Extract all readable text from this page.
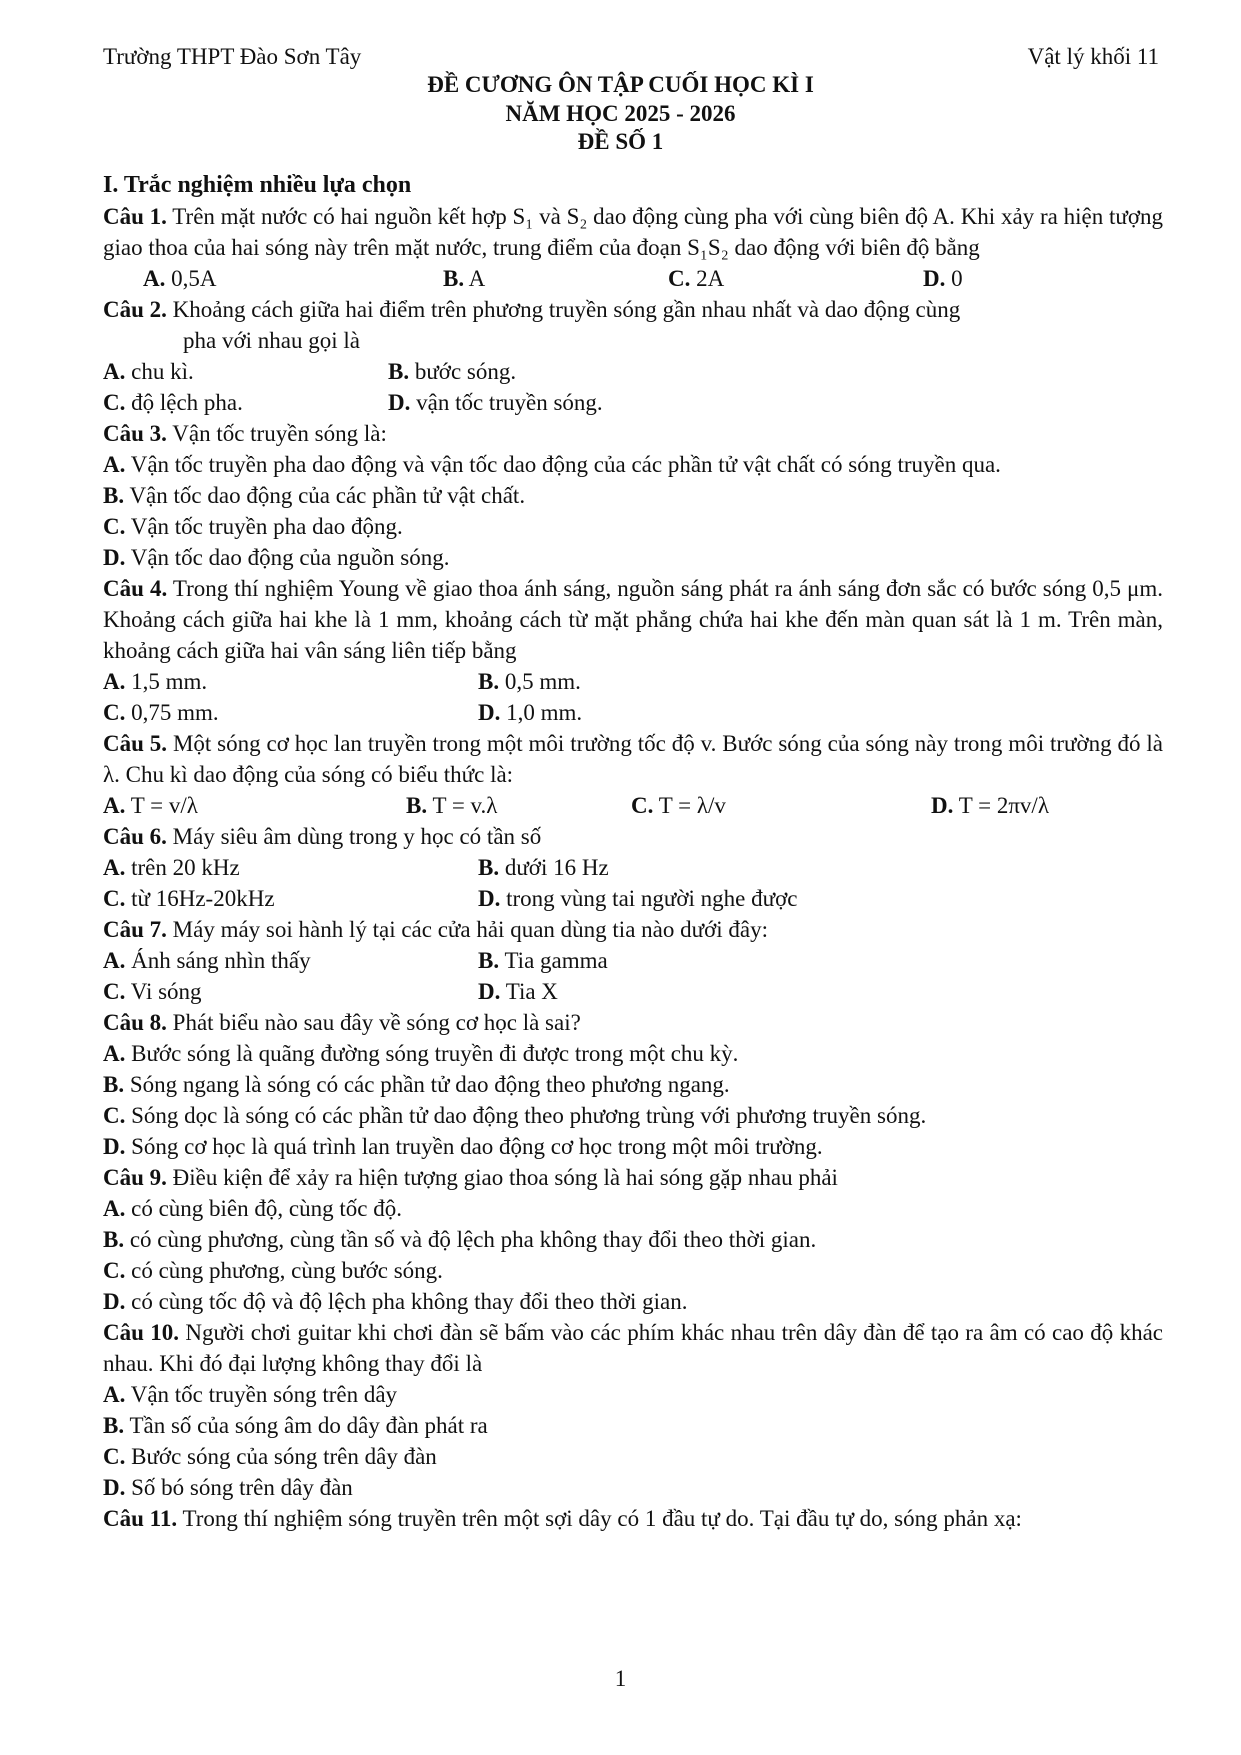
Trường THPT Đào Sơn Tây	Vật lý khối 11
ĐỀ CƯƠNG ÔN TẬP CUỐI HỌC KÌ I
NĂM HỌC 2025 - 2026
ĐỀ SỐ 1
I. Trắc nghiệm nhiều lựa chọn
Câu 1. Trên mặt nước có hai nguồn kết hợp S₁ và S₂ dao động cùng pha với cùng biên độ A. Khi xảy ra hiện tượng giao thoa của hai sóng này trên mặt nước, trung điểm của đoạn S₁S₂ dao động với biên độ bằng
A. 0,5A	B. A	C. 2A	D. 0
Câu 2. Khoảng cách giữa hai điểm trên phương truyền sóng gần nhau nhất và dao động cùng
pha với nhau gọi là
A. chu kì.	B. bước sóng.
C. độ lệch pha.	D. vận tốc truyền sóng.
Câu 3. Vận tốc truyền sóng là:
A. Vận tốc truyền pha dao động và vận tốc dao động của các phần tử vật chất có sóng truyền qua.
B. Vận tốc dao động của các phần tử vật chất.
C. Vận tốc truyền pha dao động.
D. Vận tốc dao động của nguồn sóng.
Câu 4. Trong thí nghiệm Young về giao thoa ánh sáng, nguồn sáng phát ra ánh sáng đơn sắc có bước sóng 0,5 μm. Khoảng cách giữa hai khe là 1 mm, khoảng cách từ mặt phẳng chứa hai khe đến màn quan sát là 1 m. Trên màn, khoảng cách giữa hai vân sáng liên tiếp bằng
A. 1,5 mm.	B. 0,5 mm.
C. 0,75 mm.	D. 1,0 mm.
Câu 5. Một sóng cơ học lan truyền trong một môi trường tốc độ v. Bước sóng của sóng này trong môi trường đó là λ. Chu kì dao động của sóng có biểu thức là:
A. T = v/λ	B. T = v.λ	C. T = λ/v	D. T = 2πv/λ
Câu 6. Máy siêu âm dùng trong y học có tần số
A. trên 20 kHz	B. dưới 16 Hz
C. từ 16Hz-20kHz	D. trong vùng tai người nghe được
Câu 7. Máy máy soi hành lý tại các cửa hải quan dùng tia nào dưới đây:
A. Ánh sáng nhìn thấy	B. Tia gamma
C. Vi sóng	D. Tia X
Câu 8. Phát biểu nào sau đây về sóng cơ học là sai?
A. Bước sóng là quãng đường sóng truyền đi được trong một chu kỳ.
B. Sóng ngang là sóng có các phần tử dao động theo phương ngang.
C. Sóng dọc là sóng có các phần tử dao động theo phương trùng với phương truyền sóng.
D. Sóng cơ học là quá trình lan truyền dao động cơ học trong một môi trường.
Câu 9. Điều kiện để xảy ra hiện tượng giao thoa sóng là hai sóng gặp nhau phải
A. có cùng biên độ, cùng tốc độ.
B. có cùng phương, cùng tần số và độ lệch pha không thay đổi theo thời gian.
C. có cùng phương, cùng bước sóng.
D. có cùng tốc độ và độ lệch pha không thay đổi theo thời gian.
Câu 10. Người chơi guitar khi chơi đàn sẽ bấm vào các phím khác nhau trên dây đàn để tạo ra âm có cao độ khác nhau. Khi đó đại lượng không thay đổi là
A. Vận tốc truyền sóng trên dây
B. Tần số của sóng âm do dây đàn phát ra
C. Bước sóng của sóng trên dây đàn
D. Số bó sóng trên dây đàn
Câu 11. Trong thí nghiệm sóng truyền trên một sợi dây có 1 đầu tự do. Tại đầu tự do, sóng phản xạ:
1
